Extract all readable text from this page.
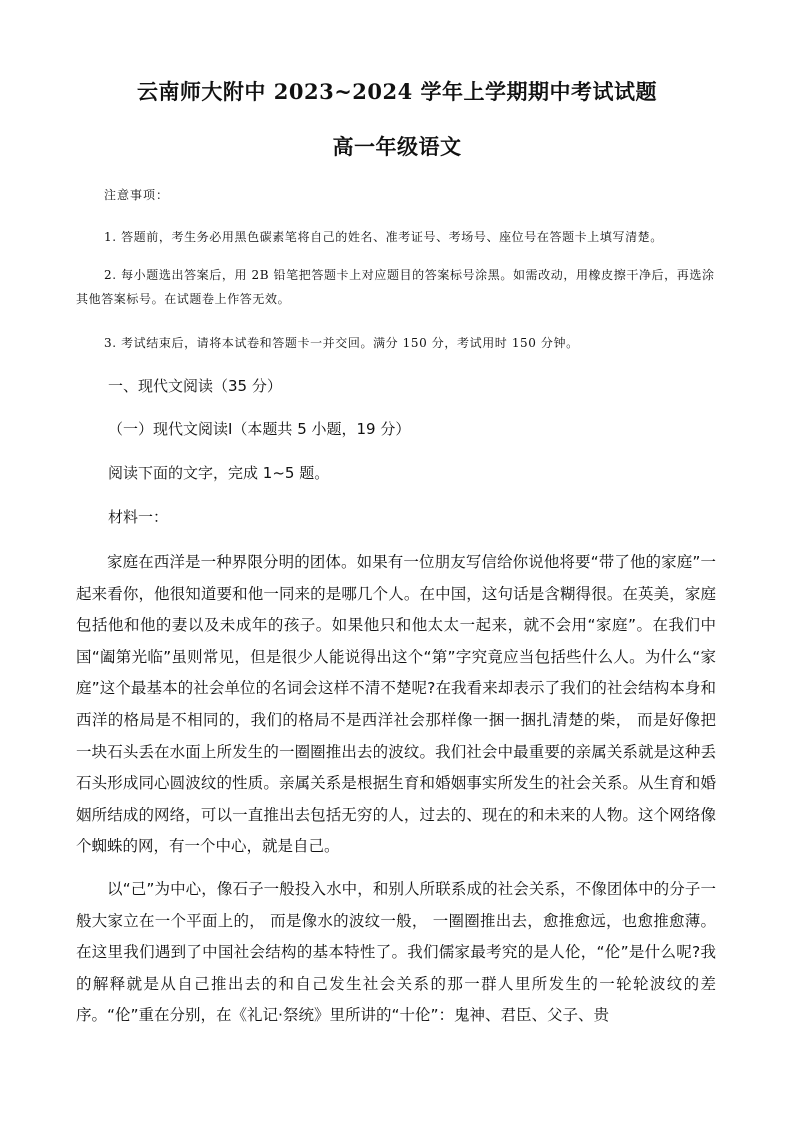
云南师大附中 2023~2024 学年上学期期中考试试题
高一年级语文
注意事项：
1. 答题前，考生务必用黑色碳素笔将自己的姓名、准考证号、考场号、座位号在答题卡上填写清楚。
2. 每小题选出答案后，用 2B 铅笔把答题卡上对应题目的答案标号涂黑。如需改动，用橡皮擦干净后，再选涂其他答案标号。在试题卷上作答无效。
3. 考试结束后，请将本试卷和答题卡一并交回。满分 150 分，考试用时 150 分钟。
一、现代文阅读（35 分）
（一）现代文阅读Ⅰ（本题共 5 小题，19 分）
阅读下面的文字，完成 1~5 题。
材料一：
家庭在西洋是一种界限分明的团体。如果有一位朋友写信给你说他将要“带了他的家庭”一起来看你，他很知道要和他一同来的是哪几个人。在中国，这句话是含糊得很。在英美，家庭包括他和他的妻以及未成年的孩子。如果他只和他太太一起来，就不会用“家庭”。在我们中国“阖第光临”虽则常见，但是很少人能说得出这个“第”字究竟应当包括些什么人。为什么“家庭”这个最基本的社会单位的名词会这样不清不楚呢?在我看来却表示了我们的社会结构本身和西洋的格局是不相同的，我们的格局不是西洋社会那样像一捆一捆扎清楚的柴， 而是好像把一块石头丢在水面上所发生的一圈圈推出去的波纹。我们社会中最重要的亲属关系就是这种丢石头形成同心圆波纹的性质。亲属关系是根据生育和婚姻事实所发生的社会关系。从生育和婚姻所结成的网络，可以一直推出去包括无穷的人，过去的、现在的和未来的人物。这个网络像个蜘蛛的网，有一个中心，就是自己。
以“己”为中心，像石子一般投入水中，和别人所联系成的社会关系，不像团体中的分子一般大家立在一个平面上的， 而是像水的波纹一般， 一圈圈推出去，愈推愈远，也愈推愈薄。在这里我们遇到了中国社会结构的基本特性了。我们儒家最考究的是人伦，“伦”是什么呢?我的解释就是从自己推出去的和自己发生社会关系的那一群人里所发生的一轮轮波纹的差序。“伦”重在分别，在《礼记·祭统》里所讲的“十伦”：鬼神、君臣、父子、贵
